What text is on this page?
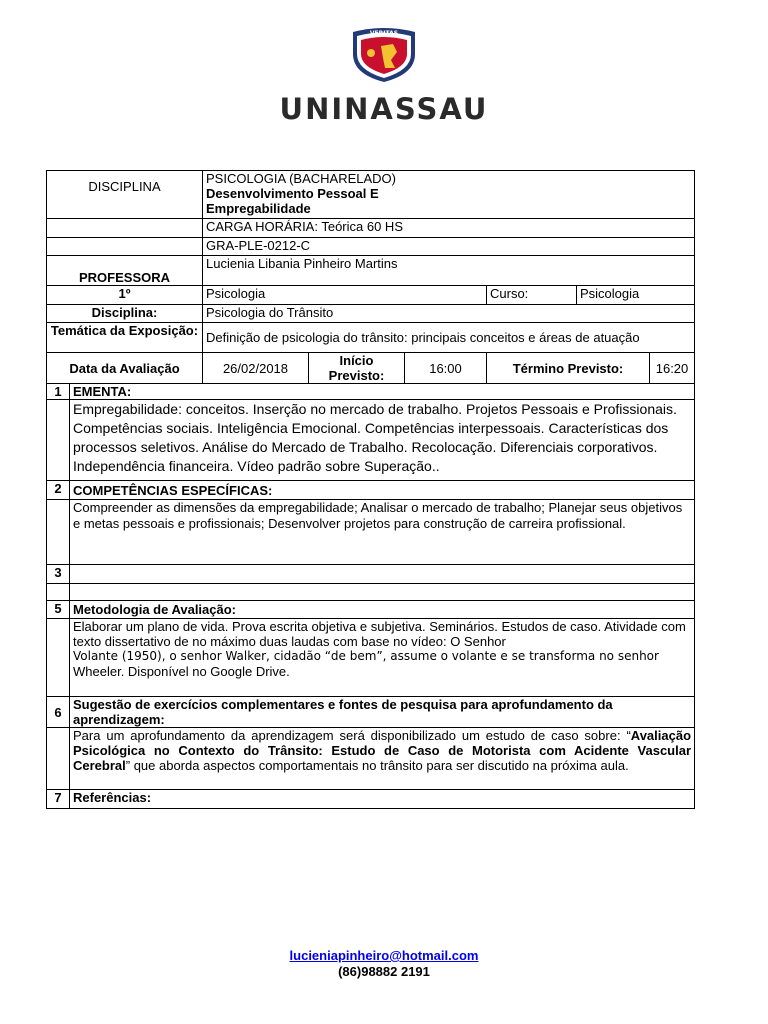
VERITAS
UNINASSAU
DISCIPLINA		PSICOLOGIA (BACHARELADO)
Desenvolvimento Pessoal E Empregabilidade					

		CARGA HORÁRIA: Teórica 60 HS					
		GRA-PLE-0212-C					
PROFESSORA		Lucienia Libania Pinheiro Martins					
1º		Psicologia			Curso:	Psicologia	
Disciplina:		Psicologia do Trânsito					
Temática da Exposição:		Definição de psicologia do trânsito: principais conceitos e áreas de atuação					
Data da Avaliação		26/02/2018	Início Previsto:	16:00	Término Previsto:		16:20
1	EMENTA:						
	Empregabilidade: conceitos. Inserção no mercado de trabalho. Projetos Pessoais e Profissionais. Competências sociais. Inteligência Emocional. Competências interpessoais. Características dos processos seletivos. Análise do Mercado de Trabalho. Recolocação. Diferenciais corporativos. Independência financeira. Vídeo padrão sobre Superação..						
2	COMPETÊNCIAS ESPECÍFICAS:						
	Compreender as dimensões da empregabilidade; Analisar o mercado de trabalho; Planejar seus objetivos e metas pessoais e profissionais; Desenvolver projetos para construção de carreira profissional.						
3							

5	Metodologia de Avaliação:						

	Elaborar um plano de vida. Prova escrita objetiva e subjetiva. Seminários. Estudos de caso. Atividade com texto dissertativo de no máximo duas laudas com base no vídeo: O Senhor
Volante (1950), o senhor Walker, cidadão “de bem”, assume o volante e se transforma no senhor
Wheeler. Disponível no Google Drive.						

6	Sugestão de exercícios complementares e fontes de pesquisa para aprofundamento da aprendizagem:						
	Para um aprofundamento da aprendizagem será disponibilizado um estudo de caso sobre: “Avaliação Psicológica no Contexto do Trânsito: Estudo de Caso de Motorista com Acidente Vascular Cerebral” que aborda aspectos comportamentais no trânsito para ser discutido na próxima aula.						
7	Referências:						
lucieniapinheiro@hotmail.com
(86)98882 2191
